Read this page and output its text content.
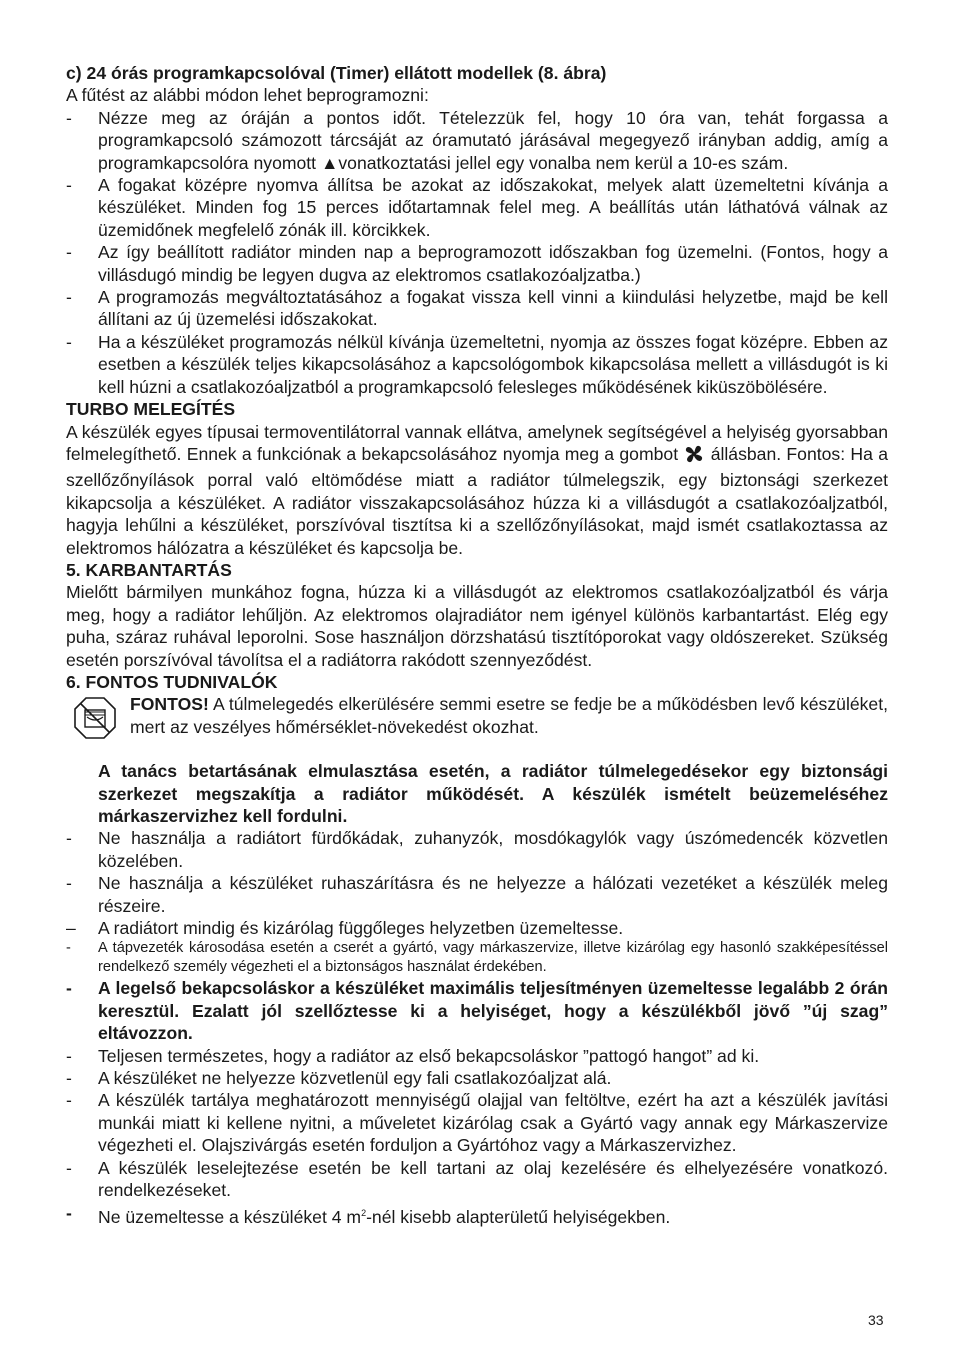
c) 24 órás programkapcsolóval (Timer) ellátott modellek (8. ábra)

A fűtést az alábbi módon lehet beprogramozni:

-	Nézze meg az óráján a pontos időt. Tételezzük fel, hogy 10 óra van, tehát forgassa a programkapcsoló számozott tárcsáját az óramutató járásával megegyező irányban addig, amíg a programkapcsolóra nyomott ▲vonatkoztatási jellel egy vonalba nem kerül a 10-es szám.
-	A fogakat középre nyomva állítsa be azokat az időszakokat, melyek alatt üzemeltetni kívánja a készüléket. Minden fog 15 perces időtartamnak felel meg. A beállítás után láthatóvá válnak az üzemidőnek megfelelő zónák ill. körcikkek.
-	Az így beállított radiátor minden nap a beprogramozott időszakban fog üzemelni. (Fontos, hogy a villásdugó mindig be legyen dugva az elektromos csatlakozóaljzatba.)
-	A programozás megváltoztatásához a fogakat vissza kell vinni a kiindulási helyzetbe, majd be kell állítani az új üzemelési időszakokat.
-	Ha a készüléket programozás nélkül kívánja üzemeltetni, nyomja az összes fogat középre. Ebben az esetben a készülék teljes kikapcsolásához a kapcsológombok kikapcsolása mellett a villásdugót is ki kell húzni a csatlakozóaljzatból a programkapcsoló felesleges működésének kiküszöbölésére.

TURBO MELEGÍTÉS

A készülék egyes típusai termoventilátorral vannak ellátva, amelynek segítségével a helyiség gyorsabban felmelegíthető. Ennek a funkciónak a bekapcsolásához nyomja meg a gombot  állásban. Fontos: Ha a szellőzőnyílások porral való eltömődése miatt a radiátor túlmelegszik, egy biztonsági szerkezet kikapcsolja a készüléket. A radiátor visszakapcsolásához húzza ki a villásdugót a csatlakozóaljzatból, hagyja lehűlni a készüléket, porszívóval tisztítsa ki a szellőzőnyílásokat, majd ismét csatlakoztassa az elektromos hálózatra a készüléket és kapcsolja be.

5. KARBANTARTÁS

Mielőtt bármilyen munkához fogna, húzza ki a villásdugót az elektromos csatlakozóaljzatból és várja meg, hogy a radiátor lehűljön. Az elektromos olajradiátor nem igényel különös karbantartást. Elég egy puha, száraz ruhával leporolni. Sose használjon dörzshatású tisztítóporokat vagy oldószereket. Szükség esetén porszívóval távolítsa el a radiátorra rakódott szennyeződést.

6. FONTOS TUDNIVALÓK

FONTOS! A túlmelegedés elkerülésére semmi esetre se fedje be a működésben levő készüléket, mert az veszélyes hőmérséklet-növekedést okozhat.

A tanács betartásának elmulasztása esetén, a radiátor túlmelegedésekor egy biztonsági szerkezet megszakítja a radiátor működését. A készülék ismételt beüzemeléséhez márkaszervizhez kell fordulni.

-	Ne használja a radiátort fürdőkádak, zuhanyzók, mosdókagylók vagy úszómedencék közvetlen közelében.
-	Ne használja a készüléket ruhaszárításra és ne helyezze a hálózati vezetéket a készülék meleg részeire.
–	A radiátort mindig és kizárólag függőleges helyzetben üzemeltesse.
-	A tápvezeték károsodása esetén a cserét a gyártó, vagy márkaszervize, illetve kizárólag egy hasonló szakképesítéssel rendelkező személy végezheti el a biztonságos használat érdekében.
-	A legelső bekapcsoláskor a készüléket maximális teljesítményen üzemeltesse legalább 2 órán keresztül. Ezalatt jól szellőztesse ki a helyiséget, hogy a készülékből jövő ”új szag” eltávozzon.
-	Teljesen természetes, hogy a radiátor az első bekapcsoláskor ”pattogó hangot” ad ki.
-	A készüléket ne helyezze közvetlenül egy fali csatlakozóaljzat alá.
-	A készülék tartálya meghatározott mennyiségű olajjal van feltöltve, ezért ha azt a készülék javítási munkái miatt ki kellene nyitni, a műveletet kizárólag csak a Gyártó vagy annak egy Márkaszervize végezheti el. Olajszivárgás esetén forduljon a Gyártóhoz vagy a Márkaszervizhez.
-	A készülék leselejtezése esetén be kell tartani az olaj kezelésére és elhelyezésére vonatkozó. rendelkezéseket.
-	Ne üzemeltesse a készüléket 4 $m^2$-nél kisebb alapterületű helyiségekben.
33
